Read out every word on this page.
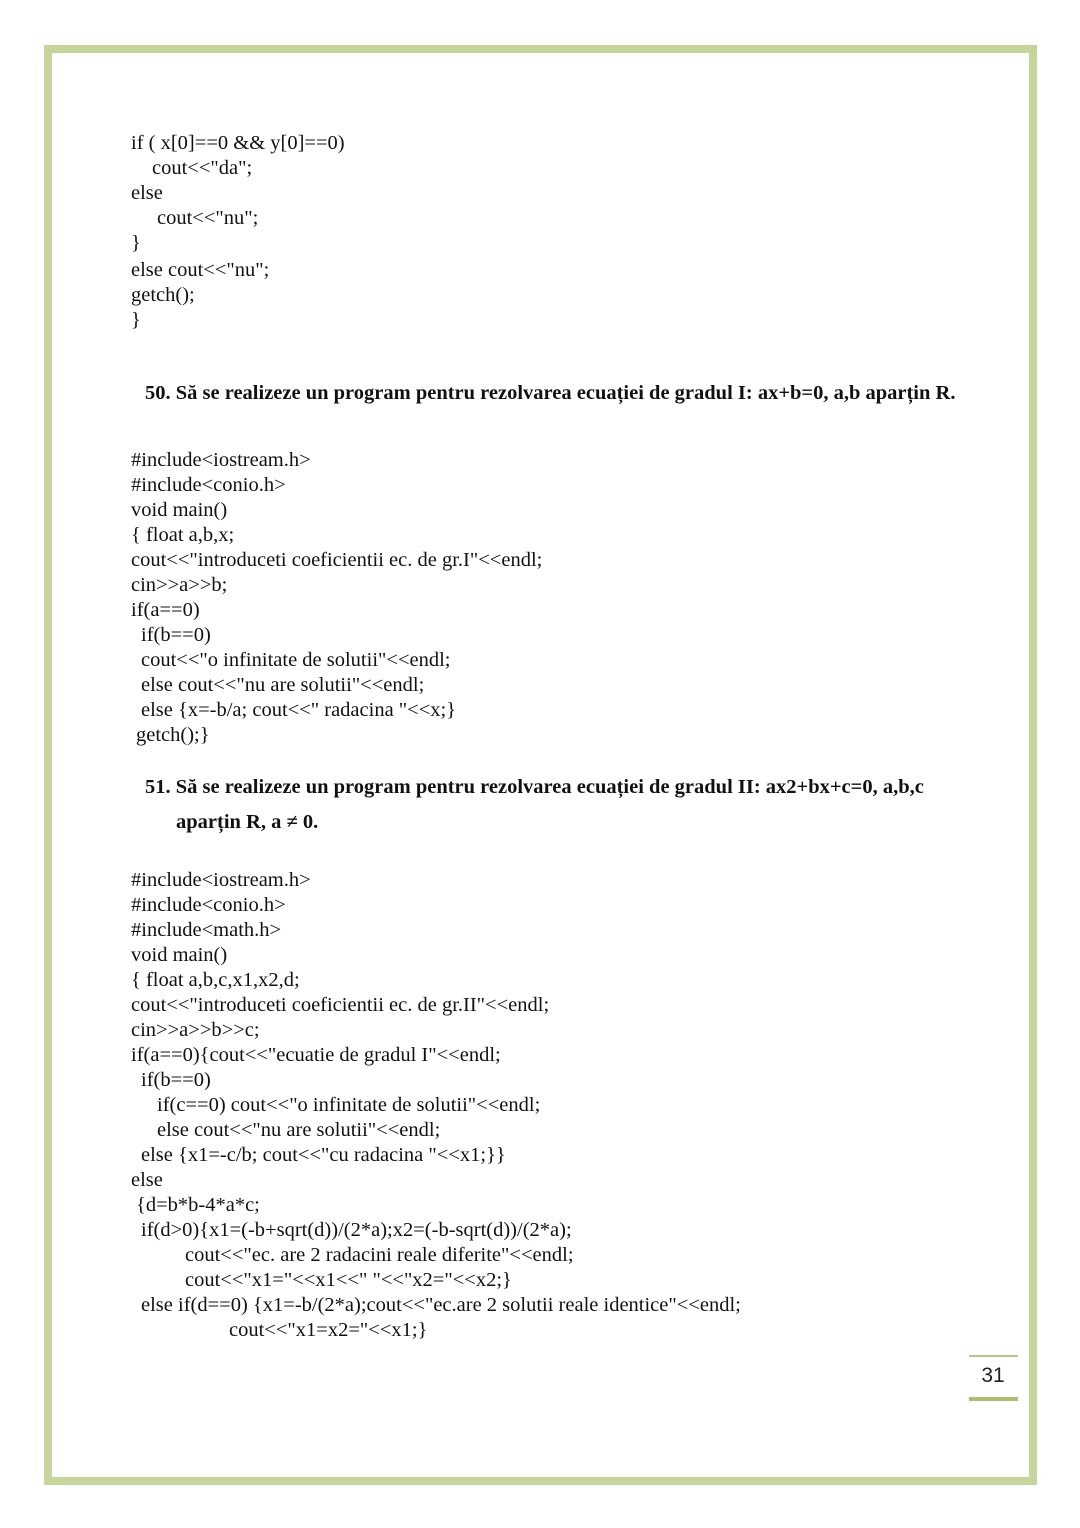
if ( x[0]==0 && y[0]==0)
cout<<"da";
else
cout<<"nu";
}
else cout<<"nu";
getch();
}
50. Să se realizeze un program pentru rezolvarea ecuației de gradul I: ax+b=0, a,b aparțin R.
#include<iostream.h>
#include<conio.h>
void main()
{ float a,b,x;
cout<<"introduceti coeficientii ec. de gr.I"<<endl;
cin>>a>>b;
if(a==0)
if(b==0)
cout<<"o infinitate de solutii"<<endl;
else cout<<"nu are solutii"<<endl;
else {x=-b/a; cout<<" radacina "<<x;}
getch();}
51. Să se realizeze un program pentru rezolvarea ecuației de gradul II: ax2+bx+c=0, a,b,c
aparțin R, a ≠ 0.
#include<iostream.h>
#include<conio.h>
#include<math.h>
void main()
{ float a,b,c,x1,x2,d;
cout<<"introduceti coeficientii ec. de gr.II"<<endl;
cin>>a>>b>>c;
if(a==0){cout<<"ecuatie de gradul I"<<endl;
if(b==0)
if(c==0) cout<<"o infinitate de solutii"<<endl;
else cout<<"nu are solutii"<<endl;
else {x1=-c/b; cout<<"cu radacina "<<x1;}}
else
{d=b*b-4*a*c;
if(d>0){x1=(-b+sqrt(d))/(2*a);x2=(-b-sqrt(d))/(2*a);
cout<<"ec. are 2 radacini reale diferite"<<endl;
cout<<"x1="<<x1<<" "<<"x2="<<x2;}
else if(d==0) {x1=-b/(2*a);cout<<"ec.are 2 solutii reale identice"<<endl;
cout<<"x1=x2="<<x1;}
31
